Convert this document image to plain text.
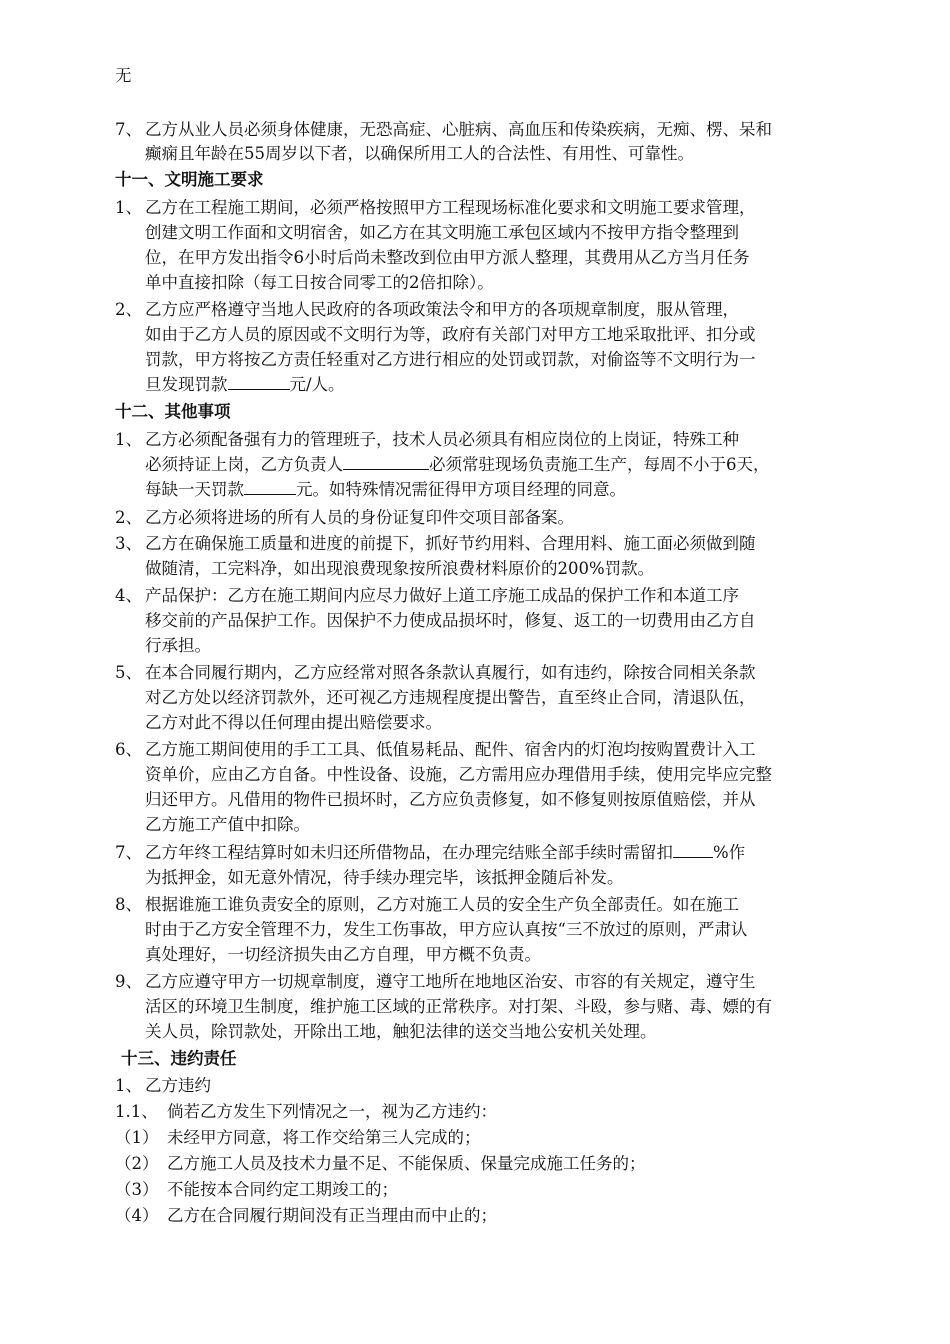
无
7、 乙方从业人员必须身体健康，无恐高症、心脏病、高血压和传染疾病，无痴、楞、呆和
癫痫且年龄在55周岁以下者，以确保所用工人的合法性、有用性、可靠性。
十一、文明施工要求
1、 乙方在工程施工期间，必须严格按照甲方工程现场标准化要求和文明施工要求管理，
创建文明工作面和文明宿舍，如乙方在其文明施工承包区域内不按甲方指令整理到
位，在甲方发出指令6小时后尚未整改到位由甲方派人整理，其费用从乙方当月任务
单中直接扣除（每工日按合同零工的2倍扣除）。
2、 乙方应严格遵守当地人民政府的各项政策法令和甲方的各项规章制度，服从管理，
如由于乙方人员的原因或不文明行为等，政府有关部门对甲方工地采取批评、扣分或
罚款，甲方将按乙方责任轻重对乙方进行相应的处罚或罚款，对偷盗等不文明行为一
旦发现罚款	元/人。
十二、其他事项
1、 乙方必须配备强有力的管理班子，技术人员必须具有相应岗位的上岗证，特殊工种
必须持证上岗，乙方负责人	必须常驻现场负责施工生产，每周不小于6天，
每缺一天罚款	元。如特殊情况需征得甲方项目经理的同意。
2、 乙方必须将进场的所有人员的身份证复印件交项目部备案。
3、 乙方在确保施工质量和进度的前提下，抓好节约用料、合理用料、施工面必须做到随
做随清，工完料净，如出现浪费现象按所浪费材料原价的200%罚款。
4、 产品保护：乙方在施工期间内应尽力做好上道工序施工成品的保护工作和本道工序
移交前的产品保护工作。因保护不力使成品损坏时，修复、返工的一切费用由乙方自
行承担。
5、 在本合同履行期内，乙方应经常对照各条款认真履行，如有违约，除按合同相关条款
对乙方处以经济罚款外，还可视乙方违规程度提出警告，直至终止合同，清退队伍，
乙方对此不得以任何理由提出赔偿要求。
6、 乙方施工期间使用的手工工具、低值易耗品、配件、宿舍内的灯泡均按购置费计入工
资单价，应由乙方自备。中性设备、设施，乙方需用应办理借用手续，使用完毕应完整
归还甲方。凡借用的物件已损坏时，乙方应负责修复，如不修复则按原值赔偿，并从
乙方施工产值中扣除。
7、 乙方年终工程结算时如未归还所借物品，在办理完结账全部手续时需留扣 %作
为抵押金，如无意外情况，待手续办理完毕，该抵押金随后补发。
8、 根据谁施工谁负责安全的原则，乙方对施工人员的安全生产负全部责任。如在施工
时由于乙方安全管理不力，发生工伤事故，甲方应认真按“三不放过的原则，严肃认
真处理好，一切经济损失由乙方自理，甲方概不负责。
9、 乙方应遵守甲方一切规章制度，遵守工地所在地地区治安、市容的有关规定，遵守生
活区的环境卫生制度，维护施工区域的正常秩序。对打架、斗殴，参与赌、毒、嫖的有
关人员，除罚款处，开除出工地，触犯法律的送交当地公安机关处理。
十三、违约责任
1、 乙方违约
1.1、 倘若乙方发生下列情况之一，视为乙方违约：
（1） 未经甲方同意，将工作交给第三人完成的；
（2） 乙方施工人员及技术力量不足、不能保质、保量完成施工任务的；
（3） 不能按本合同约定工期竣工的；
（4） 乙方在合同履行期间没有正当理由而中止的；
